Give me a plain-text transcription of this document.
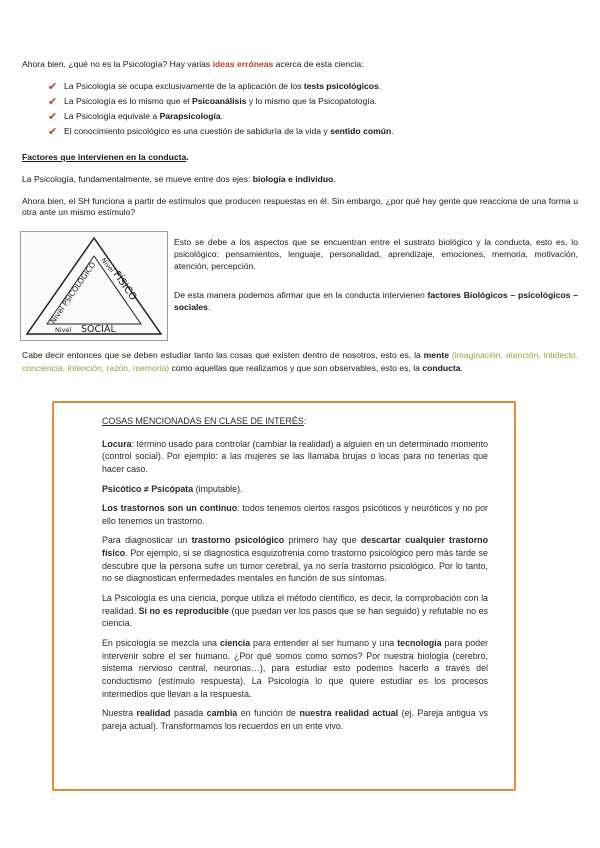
Ahora bien, ¿qué no es la Psicología? Hay varias ideas erróneas acerca de esta ciencia:

✔ La Psicología se ocupa exclusivamente de la aplicación de los tests psicológicos.
✔ La Psicología es lo mismo que el Psicoanálisis y lo mismo que la Psicopatología.
✔ La Psicología equivale a Parapsicología.
✔ El conocimiento psicológico es una cuestión de sabiduría de la vida y sentido común.

Factores que intervienen en la conducta.

La Psicología, fundamentalmente, se mueve entre dos ejes: biología e individuo.

Ahora bien, el SH funciona a partir de estímulos que producen respuestas en él. Sin embargo, ¿por qué hay gente que reacciona de una forma u otra ante un mismo estímulo?

Nivel PSICOLÓGICO Nivel
FÍSICO
Nivel SOCIAL

Esto se debe a los aspectos que se encuentran entre el sustrato biológico y la conducta, esto es, lo psicológico: pensamientos, lenguaje, personalidad, aprendizaje, emociones, memoria, motivación, atención, percepción.

De esta manera podemos afirmar que en la conducta intervienen factores Biológicos – psicológicos – sociales.

Cabe decir entonces que se deben estudiar tanto las cosas que existen dentro de nosotros, esto es, la mente (imaginación, atención, intelecto, conciencia, intención, razón, memoria) como aquellas que realizamos y que son observables, esto es, la conducta.

COSAS MENCIONADAS EN CLASE DE INTERÉS:

Locura: término usado para controlar (cambiar la realidad) a alguien en un determinado momento (control social). Por ejemplo: a las mujeres se las llamaba brujas o locas para no tenerlas que hacer caso.

Psicótico ≠ Psicópata (imputable).

Los trastornos son un continuo: todos tenemos ciertos rasgos psicóticos y neuróticos y no por ello tenemos un trastorno.

Para diagnosticar un trastorno psicológico primero hay que descartar cualquier trastorno físico. Por ejemplo, si se diagnostica esquizofrenia como trastorno psicológico pero más tarde se descubre que la persona sufre un tumor cerebral, ya no sería trastorno psicológico. Por lo tanto, no se diagnostican enfermedades mentales en función de sus síntomas.

La Psicología es una ciencia, porque utiliza el método científico, es decir, la comprobación con la realidad. Si no es reproducible (que puedan ver los pasos que se han seguido) y refutable no es ciencia.

En psicología se mezcla una ciencia para entender al ser humano y una tecnología para poder intervenir sobre el ser humano. ¿Por qué somos como somos? Por nuestra biología (cerebro, sistema nervioso central, neuronas…), para estudiar esto podemos hacerlo a través del conductismo (estímulo respuesta). La Psicología lo que quiere estudiar es los procesos intermedios que llevan a la respuesta.

Nuestra realidad pasada cambia en función de nuestra realidad actual (ej. Pareja antigua vs pareja actual). Transformamos los recuerdos en un ente vivo.
